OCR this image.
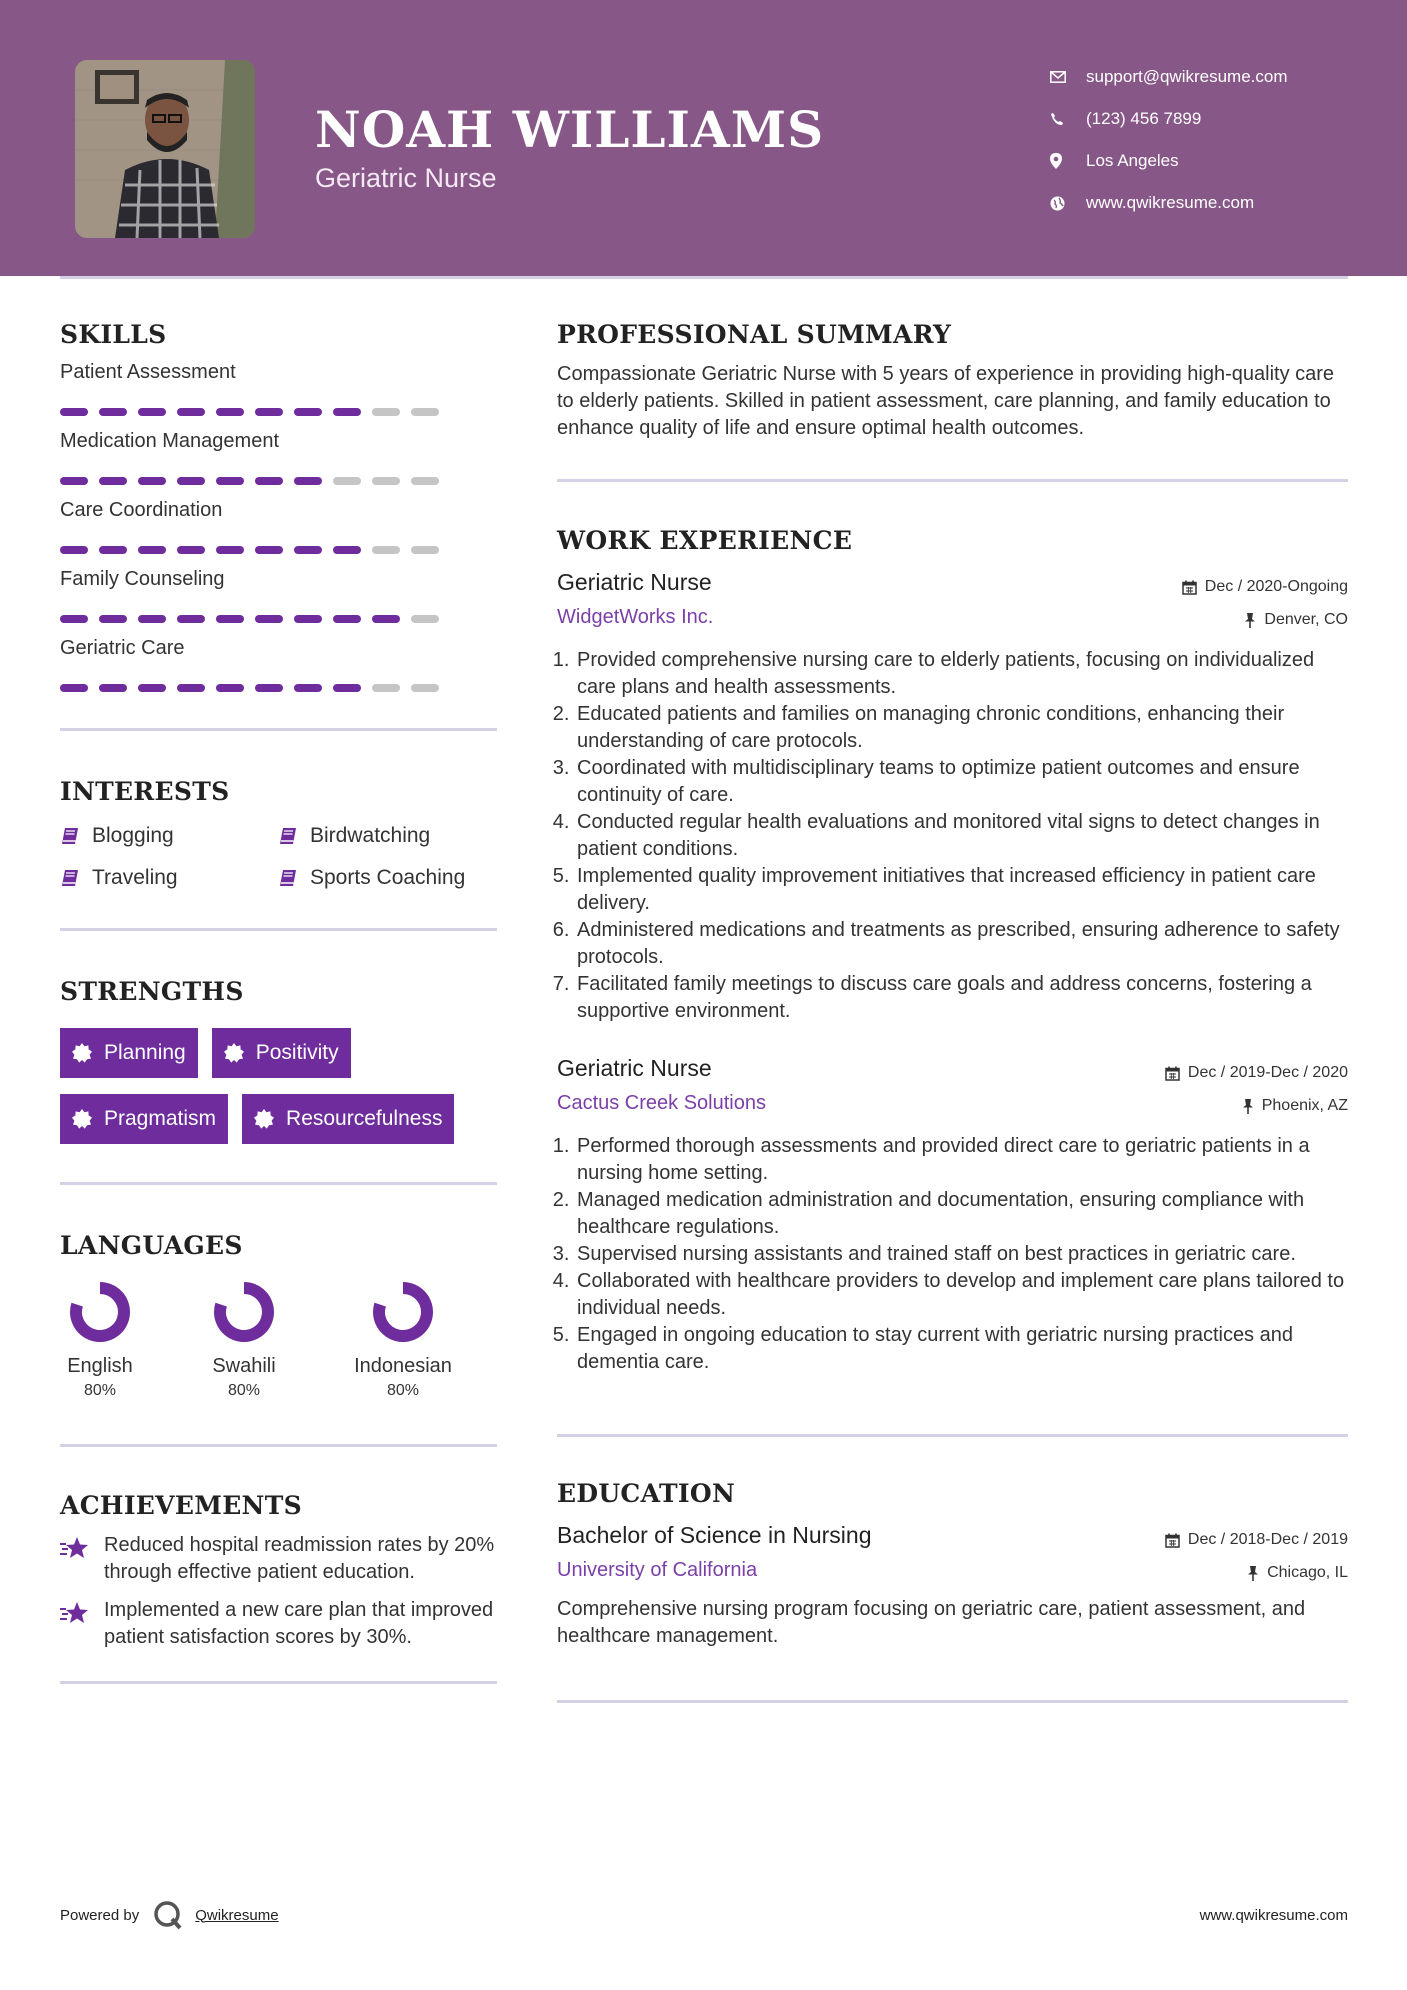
NOAH WILLIAMS
Geriatric Nurse
support@qwikresume.com
(123) 456 7899
Los Angeles
www.qwikresume.com
SKILLS
Patient Assessment
Medication Management
Care Coordination
Family Counseling
Geriatric Care
INTERESTS
Blogging	Birdwatching
Traveling	Sports Coaching
STRENGTHS
Planning	Positivity
Pragmatism	Resourcefulness
LANGUAGES
English
80%
Swahili
80%
Indonesian
80%
ACHIEVEMENTS
Reduced hospital readmission rates by 20% through effective patient education.
Implemented a new care plan that improved patient satisfaction scores by 30%.
PROFESSIONAL SUMMARY
Compassionate Geriatric Nurse with 5 years of experience in providing high-quality care to elderly patients. Skilled in patient assessment, care planning, and family education to enhance quality of life and ensure optimal health outcomes.
WORK EXPERIENCE
Geriatric Nurse	Dec / 2020-Ongoing
WidgetWorks Inc.	Denver, CO
1. Provided comprehensive nursing care to elderly patients, focusing on individualized care plans and health assessments.
2. Educated patients and families on managing chronic conditions, enhancing their understanding of care protocols.
3. Coordinated with multidisciplinary teams to optimize patient outcomes and ensure continuity of care.
4. Conducted regular health evaluations and monitored vital signs to detect changes in patient conditions.
5. Implemented quality improvement initiatives that increased efficiency in patient care delivery.
6. Administered medications and treatments as prescribed, ensuring adherence to safety protocols.
7. Facilitated family meetings to discuss care goals and address concerns, fostering a supportive environment.
Geriatric Nurse	Dec / 2019-Dec / 2020
Cactus Creek Solutions	Phoenix, AZ
1. Performed thorough assessments and provided direct care to geriatric patients in a nursing home setting.
2. Managed medication administration and documentation, ensuring compliance with healthcare regulations.
3. Supervised nursing assistants and trained staff on best practices in geriatric care.
4. Collaborated with healthcare providers to develop and implement care plans tailored to individual needs.
5. Engaged in ongoing education to stay current with geriatric nursing practices and dementia care.
EDUCATION
Bachelor of Science in Nursing	Dec / 2018-Dec / 2019
University of California	Chicago, IL
Comprehensive nursing program focusing on geriatric care, patient assessment, and healthcare management.
Powered by	Qwikresume	www.qwikresume.com
